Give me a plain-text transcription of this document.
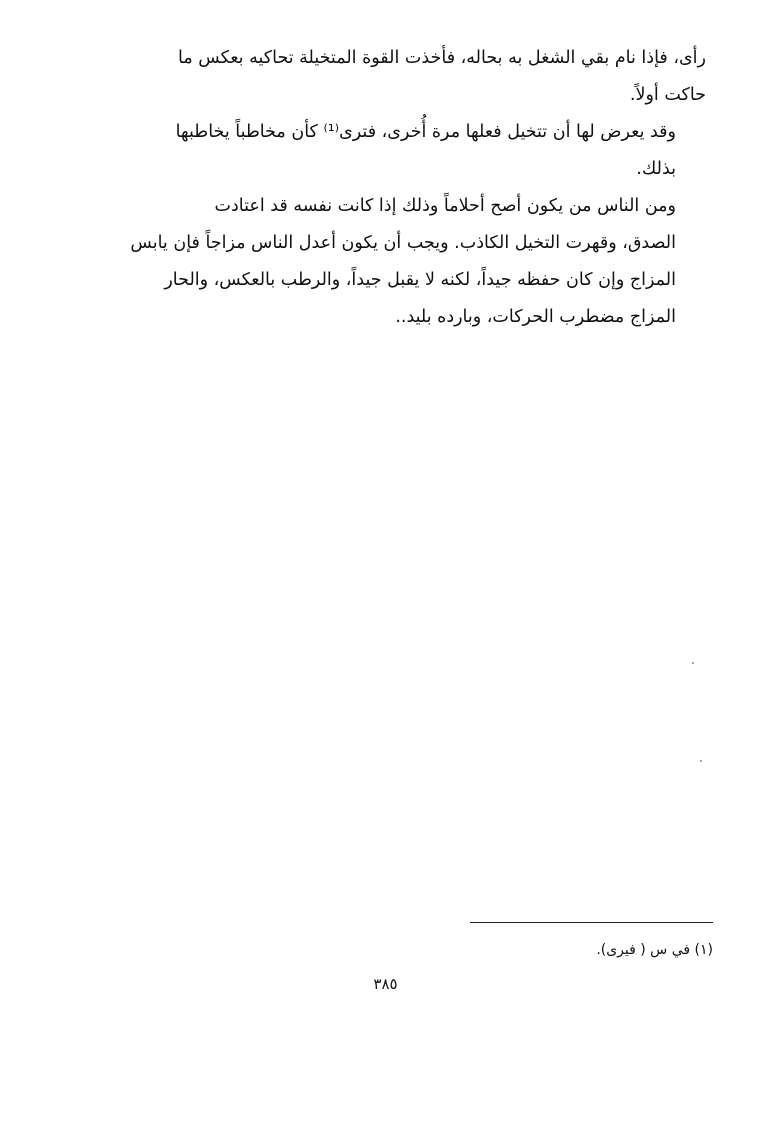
رأى، فإذا نام بقي الشغل به بحاله، فأخذت القوة المتخيلة تحاكيه بعكس ما
حاكت أولاً.

وقد يعرض لها أن تتخيل فعلها مرة أُخرى، فترى⁽¹⁾ كأن مخاطباً يخاطبها
بذلك.

ومن الناس من يكون أصح أحلاماً وذلك إذا كانت نفسه قد اعتادت
الصدق، وقهرت التخيل الكاذب. ويجب أن يكون أعدل الناس مزاجاً فإن يابس
المزاج وإن كان حفظه جيداً، لكنه لا يقبل جيداً، والرطب بالعكس، والحار
المزاج مضطرب الحركات، وبارده بليد..

(١) في س ( فيرى).
٣٨٥
